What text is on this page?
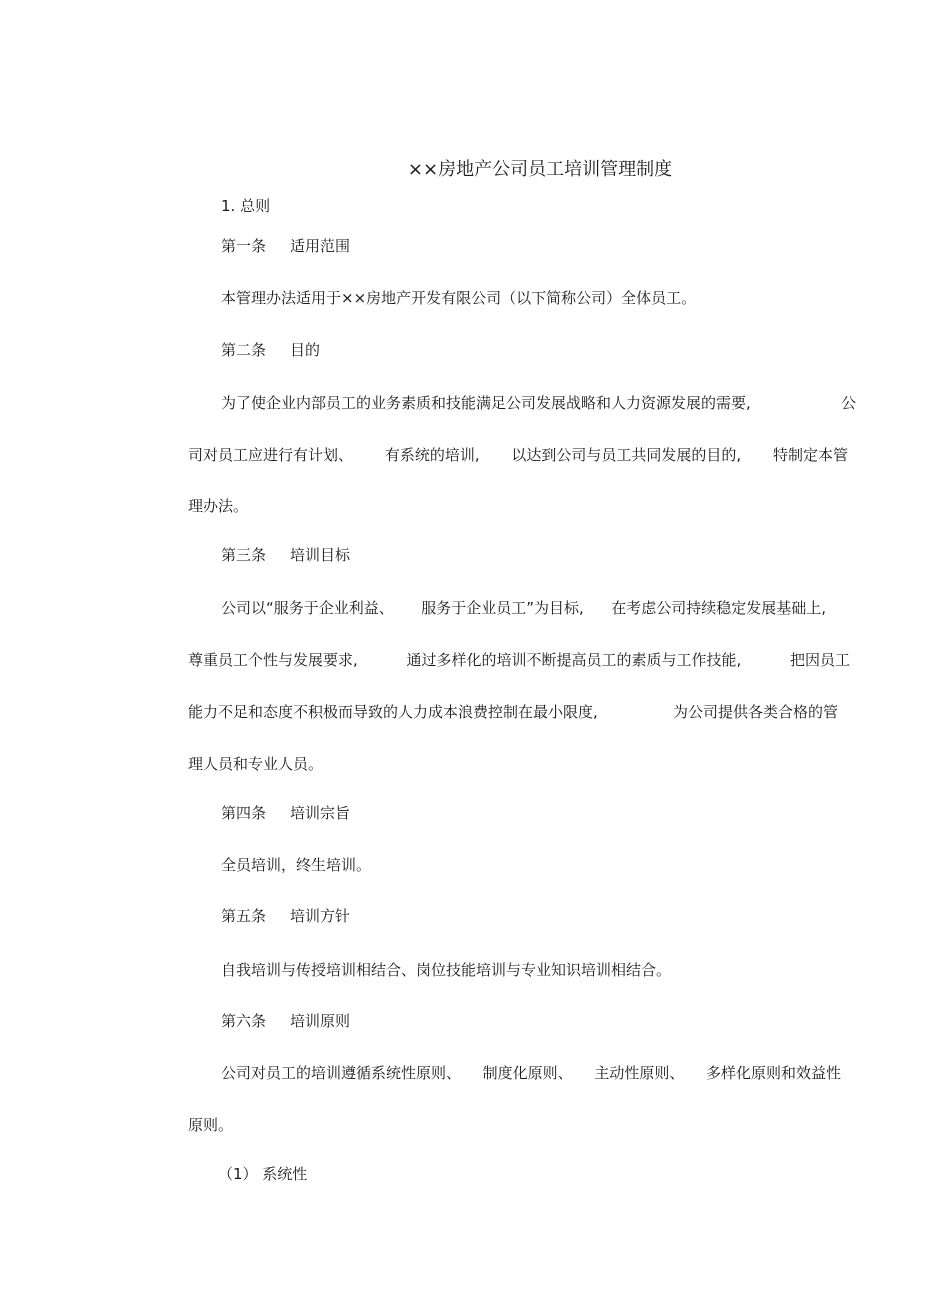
××房地产公司员工培训管理制度
1. 总则
第一条 适用范围
本管理办法适用于××房地产开发有限公司（以下简称公司）全体员工。
第二条 目的
为了使企业内部员工的业务素质和技能满足公司发展战略和人力资源发展的需要,	公
司对员工应进行有计划、 有系统的培训, 以达到公司与员工共同发展的目的, 特制定本管
理办法。
第三条 培训目标
公司以“服务于企业利益、 服务于企业员工”为目标, 在考虑公司持续稳定发展基础上,
尊重员工个性与发展要求,	通过多样化的培训不断提高员工的素质与工作技能,	把因员工
能力不足和态度不积极而导致的人力成本浪费控制在最小限度,	为公司提供各类合格的管
理人员和专业人员。
第四条 培训宗旨
全员培训，终生培训。
第五条 培训方针
自我培训与传授培训相结合、岗位技能培训与专业知识培训相结合。
第六条 培训原则
公司对员工的培训遵循系统性原则、 制度化原则、 主动性原则、 多样化原则和效益性
原则。
（1） 系统性
